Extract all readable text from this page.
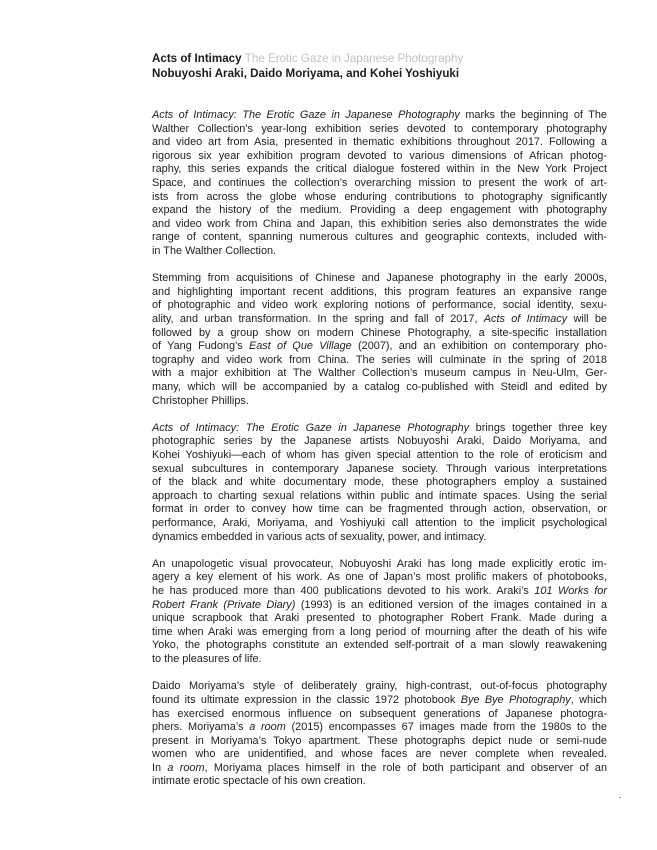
Acts of Intimacy The Erotic Gaze in Japanese Photography
Nobuyoshi Araki, Daido Moriyama, and Kohei Yoshiyuki
Acts of Intimacy: The Erotic Gaze in Japanese Photography marks the beginning of The
Walther Collection’s year-long exhibition series devoted to contemporary photography
and video art from Asia, presented in thematic exhibitions throughout 2017. Following a
rigorous six year exhibition program devoted to various dimensions of African photog-
raphy, this series expands the critical dialogue fostered within in the New York Project
Space, and continues the collection’s overarching mission to present the work of art-
ists from across the globe whose enduring contributions to photography significantly
expand the history of the medium. Providing a deep engagement with photography
and video work from China and Japan, this exhibition series also demonstrates the wide
range of content, spanning numerous cultures and geographic contexts, included with-
in The Walther Collection.
Stemming from acquisitions of Chinese and Japanese photography in the early 2000s,
and highlighting important recent additions, this program features an expansive range
of photographic and video work exploring notions of performance, social identity, sexu-
ality, and urban transformation. In the spring and fall of 2017, Acts of Intimacy will be
followed by a group show on modern Chinese Photography, a site-specific installation
of Yang Fudong’s East of Que Village (2007), and an exhibition on contemporary pho-
tography and video work from China. The series will culminate in the spring of 2018
with a major exhibition at The Walther Collection’s museum campus in Neu-Ulm, Ger-
many, which will be accompanied by a catalog co-published with Steidl and edited by
Christopher Phillips.
Acts of Intimacy: The Erotic Gaze in Japanese Photography brings together three key
photographic series by the Japanese artists Nobuyoshi Araki, Daido Moriyama, and
Kohei Yoshiyuki—each of whom has given special attention to the role of eroticism and
sexual subcultures in contemporary Japanese society. Through various interpretations
of the black and white documentary mode, these photographers employ a sustained
approach to charting sexual relations within public and intimate spaces. Using the serial
format in order to convey how time can be fragmented through action, observation, or
performance, Araki, Moriyama, and Yoshiyuki call attention to the implicit psychological
dynamics embedded in various acts of sexuality, power, and intimacy.
An unapologetic visual provocateur, Nobuyoshi Araki has long made explicitly erotic im-
agery a key element of his work. As one of Japan’s most prolific makers of photobooks,
he has produced more than 400 publications devoted to his work. Araki’s 101 Works for
Robert Frank (Private Diary) (1993) is an editioned version of the images contained in a
unique scrapbook that Araki presented to photographer Robert Frank. Made during a
time when Araki was emerging from a long period of mourning after the death of his wife
Yoko, the photographs constitute an extended self-portrait of a man slowly reawakening
to the pleasures of life.
Daido Moriyama’s style of deliberately grainy, high-contrast, out-of-focus photography
found its ultimate expression in the classic 1972 photobook Bye Bye Photography, which
has exercised enormous influence on subsequent generations of Japanese photogra-
phers. Moriyama’s a room (2015) encompasses 67 images made from the 1980s to the
present in Moriyama’s Tokyo apartment. These photographs depict nude or semi-nude
women who are unidentified, and whose faces are never complete when revealed.
In a room, Moriyama places himself in the role of both participant and observer of an
intimate erotic spectacle of his own creation.
